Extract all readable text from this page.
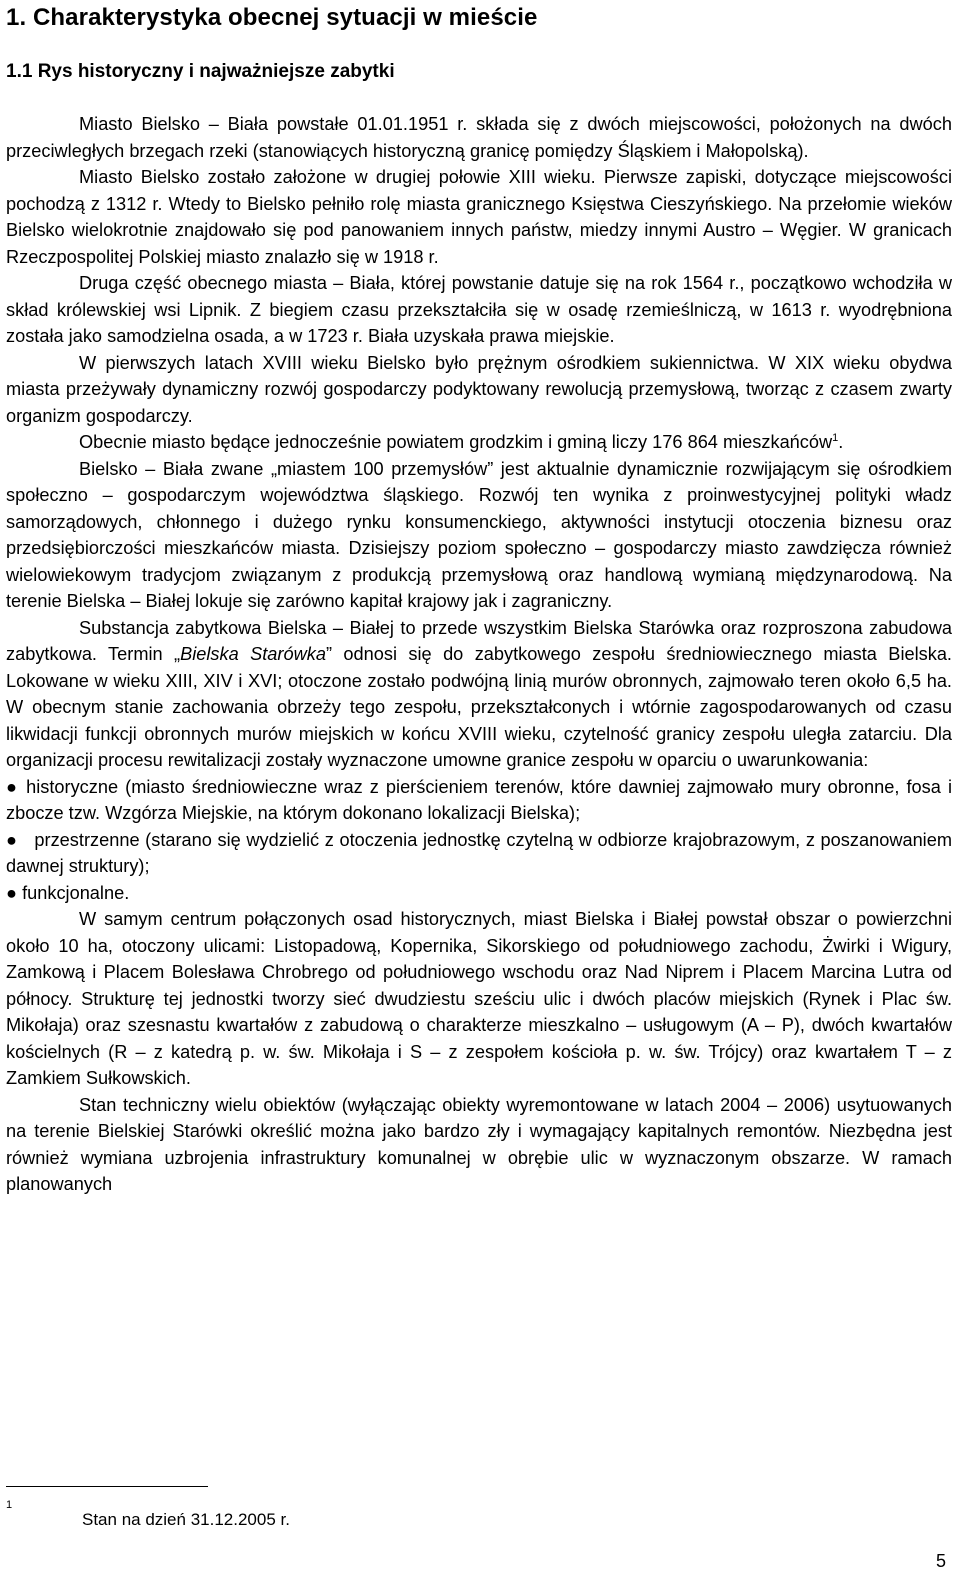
1. Charakterystyka obecnej sytuacji w mieście
1.1 Rys historyczny i najważniejsze zabytki

Miasto Bielsko – Biała powstałe 01.01.1951 r. składa się z dwóch miejscowości, położonych na dwóch przeciwległych brzegach rzeki (stanowiących historyczną granicę pomiędzy Śląskiem i Małopolską).

Miasto Bielsko zostało założone w drugiej połowie XIII wieku. Pierwsze zapiski, dotyczące miejscowości pochodzą z 1312 r. Wtedy to Bielsko pełniło rolę miasta granicznego Księstwa Cieszyńskiego. Na przełomie wieków Bielsko wielokrotnie znajdowało się pod panowaniem innych państw, miedzy innymi Austro – Węgier. W granicach Rzeczpospolitej Polskiej miasto znalazło się w 1918 r.

Druga część obecnego miasta – Biała, której powstanie datuje się na rok 1564 r., początkowo wchodziła w skład królewskiej wsi Lipnik. Z biegiem czasu przekształciła się w osadę rzemieślniczą, w 1613 r. wyodrębniona została jako samodzielna osada, a w 1723 r. Biała uzyskała prawa miejskie.

W pierwszych latach XVIII wieku Bielsko było prężnym ośrodkiem sukiennictwa. W XIX wieku obydwa miasta przeżywały dynamiczny rozwój gospodarczy podyktowany rewolucją przemysłową, tworząc z czasem zwarty organizm gospodarczy.

Obecnie miasto będące jednocześnie powiatem grodzkim i gminą liczy 176 864 mieszkańców$^1$.

Bielsko – Biała zwane „miastem 100 przemysłów” jest aktualnie dynamicznie rozwijającym się ośrodkiem społeczno – gospodarczym województwa śląskiego. Rozwój ten wynika z proinwestycyjnej polityki władz samorządowych, chłonnego i dużego rynku konsumenckiego, aktywności instytucji otoczenia biznesu oraz przedsiębiorczości mieszkańców miasta. Dzisiejszy poziom społeczno – gospodarczy miasto zawdzięcza również wielowiekowym tradycjom związanym z produkcją przemysłową oraz handlową wymianą międzynarodową. Na terenie Bielska – Białej lokuje się zarówno kapitał krajowy jak i zagraniczny.

Substancja zabytkowa Bielska – Białej to przede wszystkim Bielska Starówka oraz rozproszona zabudowa zabytkowa. Termin „Bielska Starówka” odnosi się do zabytkowego zespołu średniowiecznego miasta Bielska. Lokowane w wieku XIII, XIV i XVI; otoczone zostało podwójną linią murów obronnych, zajmowało teren około 6,5 ha. W obecnym stanie zachowania obrzeży tego zespołu, przekształconych i wtórnie zagospodarowanych od czasu likwidacji funkcji obronnych murów miejskich w końcu XVIII wieku, czytelność granicy zespołu uległa zatarciu. Dla organizacji procesu rewitalizacji zostały wyznaczone umowne granice zespołu w oparciu o uwarunkowania:

● historyczne (miasto średniowieczne wraz z pierścieniem terenów, które dawniej zajmowało mury obronne, fosa i zbocze tzw. Wzgórza Miejskie, na którym dokonano lokalizacji Bielska);

● przestrzenne (starano się wydzielić z otoczenia jednostkę czytelną w odbiorze krajobrazowym, z poszanowaniem dawnej struktury);

● funkcjonalne.

W samym centrum połączonych osad historycznych, miast Bielska i Białej powstał obszar o powierzchni około 10 ha, otoczony ulicami: Listopadową, Kopernika, Sikorskiego od południowego zachodu, Żwirki i Wigury, Zamkową i Placem Bolesława Chrobrego od południowego wschodu oraz Nad Niprem i Placem Marcina Lutra od północy. Strukturę tej jednostki tworzy sieć dwudziestu sześciu ulic i dwóch placów miejskich (Rynek i Plac św. Mikołaja) oraz szesnastu kwartałów z zabudową o charakterze mieszkalno – usługowym (A – P), dwóch kwartałów kościelnych (R – z katedrą p. w. św. Mikołaja i S – z zespołem kościoła p. w. św. Trójcy) oraz kwartałem T – z Zamkiem Sułkowskich.

Stan techniczny wielu obiektów (wyłączając obiekty wyremontowane w latach 2004 – 2006) usytuowanych na terenie Bielskiej Starówki określić można jako bardzo zły i wymagający kapitalnych remontów. Niezbędna jest również wymiana uzbrojenia infrastruktury komunalnej w obrębie ulic w wyznaczonym obszarze. W ramach planowanych

1
Stan na dzień 31.12.2005 r.
5
